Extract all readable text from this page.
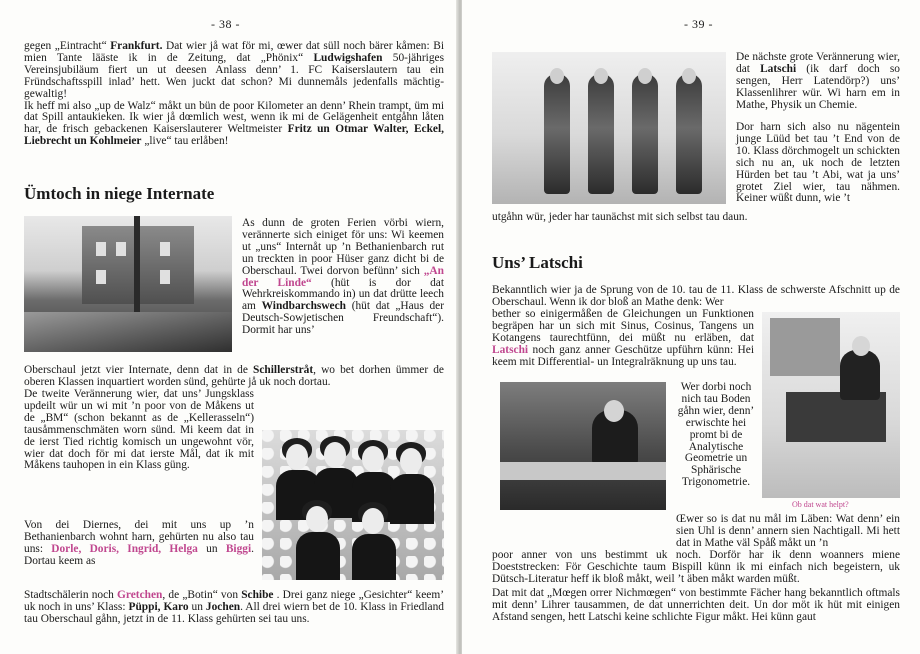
- 38 -

gegen „Eintracht“ Frankfurt. Dat wier jå wat för mi, œwer dat süll noch bärer kåmen: Bi mien Tante lääste ik in de Zeitung, dat „Phönix“ Ludwigshafen 50-jähriges Vereinsjubiläum fiert un ut deesen Anlass denn’ 1. FC Kaiserslautern tau ein Fründschaftsspill inlad’ hett. Wen juckt dat schon? Mi dunnemåls jedenfalls mächtig-gewaltig!

Ik heff mi also „up de Walz“ måkt un bün de poor Kilometer an denn’ Rhein trampt, üm mi dat Spill antaukieken. Ik wier jå dœmlich west, wenn ik mi de Gelägenheit entgåhn låten har, de frisch gebackenen Kaiserslauterer Weltmeister Fritz un Otmar Walter, Eckel, Liebrecht un Kohlmeier „live“ tau erlåben!

Ümtoch in niege Internate
As dunn de groten Ferien vörbi wiern, verännerte sich einiget för uns: Wi keemen ut „uns“ Internåt up ’n Bethanienbarch rut un treckten in poor Hüser ganz dicht bi de Oberschaul. Twei dorvon befünn’ sich „An der Linde“ (hüt is dor dat Wehrkreiskommando in) un dat drütte leech am Windbarchswech (hüt dat „Haus der Deutsch-Sowjetischen Freundschaft“). Dormit har uns’
Oberschaul jetzt vier Internate, denn dat in de Schillerstråt, wo bet dorhen ümmer de oberen Klassen inquartiert worden sünd, gehürte jå uk noch dortau.
De tweite Verännerung wier, dat uns’ Jungsklass updeilt wür un wi mit ’n poor von de Måkens ut de „BM“ (schon bekannt as de „Kellerasseln“) tausåmmenschmäten worn sünd. Mi keem dat in de ierst Tied richtig komisch un ungewohnt vör, wier dat doch för mi dat ierste Mål, dat ik mit Måkens tauhopen in ein Klass güng.
Von dei Diernes, dei mit uns up ’n Bethanienbarch wohnt harn, gehürten nu also tau uns: Dorle, Doris, Ingrid, Helga un Biggi. Dortau keem as
Stadtschälerin noch Gretchen, de „Botin“ von Schibe . Drei ganz niege „Gesichter“ keem’ uk noch in uns’ Klass: Püppi, Karo un Jochen. All drei wiern bet de 10. Klass in Friedland tau Oberschaul gåhn, jetzt in de 11. Klass gehürten sei tau uns.
- 39 -
De nächste grote Verännerung wier, dat Latschi (ik darf doch so sengen, Herr Latendörp?) uns’ Klassenlihrer wür. Wi harn em in Mathe, Physik un Chemie.
Dor harn sich also nu nägentein junge Lüüd bet tau ’t End von de 10. Klass dörchmogelt un schickten sich nu an, uk noch de letzten Hürden bet tau ’t Abi, wat ja uns’ grotet Ziel wier, tau nähmen. Keiner wüßt dunn, wie ’t
utgåhn wür, jeder har taunächst mit sich selbst tau daun.
Uns’ Latschi
Bekanntlich wier ja de Sprung von de 10. tau de 11. Klass de schwerste Afschnitt up de Oberschaul. Wenn ik dor bloß an Mathe denk: Wer
bether so einigermåßen de Gleichungen un Funktionen begräpen har un sich mit Sinus, Cosinus, Tangens un Kotangens taurechtfünn, dei müßt nu erläben, dat Latschi noch ganz anner Geschütze upführn künn: Hei keem mit Differential- un Integralräknung up uns tau.
Wer dorbi noch nich tau Boden gåhn wier, denn’ erwischte hei promt bi de Analytische Geometrie un Sphärische Trigonometrie.
Ob dat wat helpt?
Œwer so is dat nu mål im Läben: Wat denn’ ein sien Uhl is denn’ annern sien Nachtigall. Mi hett dat in Mathe väl Spåß måkt un ’n
poor anner von uns bestimmt uk noch. Dorför har ik denn woanners miene Doeststrecken: För Geschichte taum Bispill künn ik mi einfach nich begeistern, uk Dütsch-Literatur heff ik bloß måkt, weil ’t äben måkt warden müßt.
Dat mit dat „Mœgen orrer Nichmœgen“ von bestimmte Fächer hang bekanntlich oftmals mit denn’ Lihrer tausammen, de dat unnerrichten deit. Un dor möt ik hüt mit einigen Afstand sengen, hett Latschi keine schlichte Figur måkt. Hei künn gaut
